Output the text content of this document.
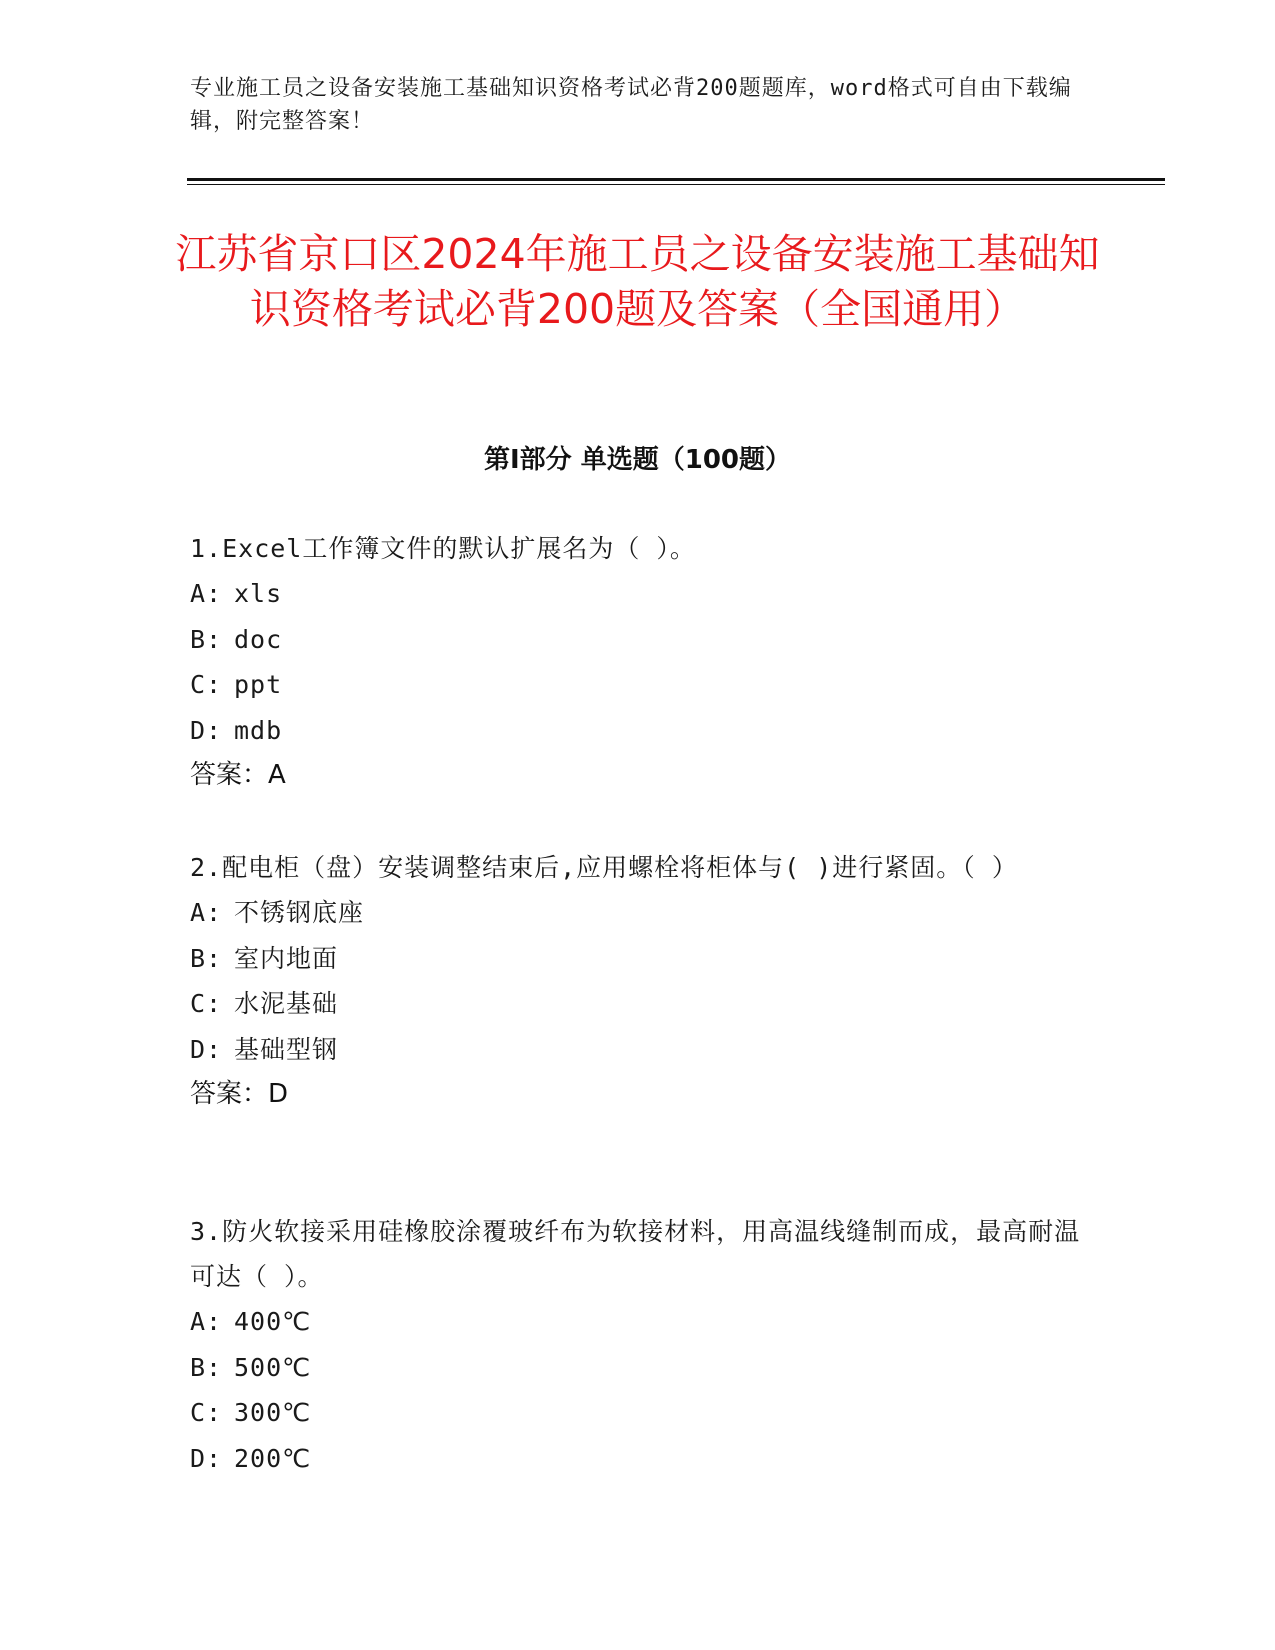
专业施工员之设备安装施工基础知识资格考试必背200题题库，word格式可自由下载编辑，附完整答案！
江苏省京口区2024年施工员之设备安装施工基础知识资格考试必背200题及答案（全国通用）
第Ⅰ部分 单选题（100题）

1.Excel工作簿文件的默认扩展名为（ ）。

A: xls

B: doc

C: ppt

D: mdb

答案：A

2.配电柜（盘）安装调整结束后,应用螺栓将柜体与( )进行紧固。（ ）

A: 不锈钢底座

B: 室内地面

C: 水泥基础

D: 基础型钢

答案：D

3.防火软接采用硅橡胶涂覆玻纤布为软接材料，用高温线缝制而成，最高耐温可达（ ）。

A: 400℃

B: 500℃

C: 300℃

D: 200℃
